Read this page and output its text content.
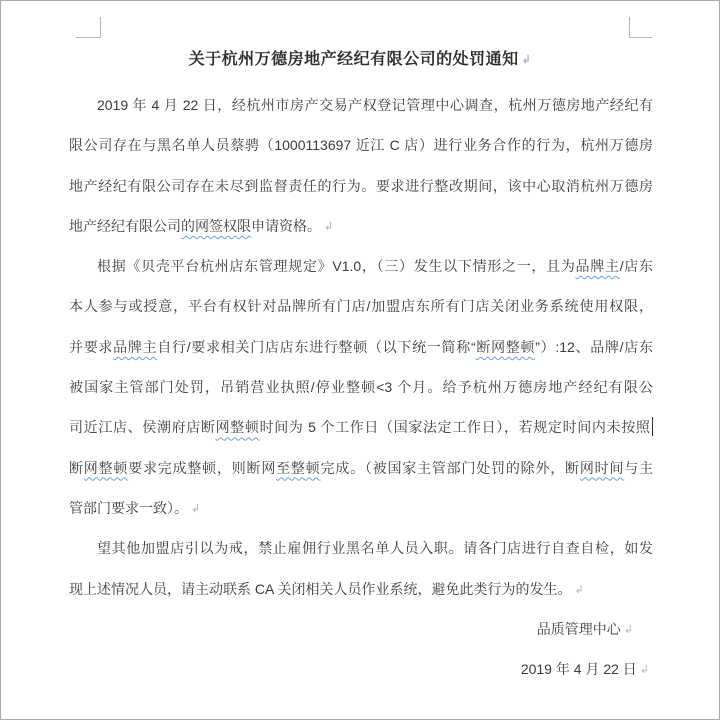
关于杭州万德房地产经纪有限公司的处罚通知 ↲
2019 年 4 月 22 日，经杭州市房产交易产权登记管理中心调查，杭州万德房地产经纪有
限公司存在与黑名单人员蔡骋（1000113697 近江 C 店）进行业务合作的行为，杭州万德房
地产经纪有限公司存在未尽到监督责任的行为。要求进行整改期间，该中心取消杭州万德房
地产经纪有限公司的网签权限申请资格。 ↲
根据《贝壳平台杭州店东管理规定》V1.0，（三）发生以下情形之一，且为品牌主/店东
本人参与或授意，平台有权针对品牌所有门店/加盟店东所有门店关闭业务系统使用权限，
并要求品牌主自行/要求相关门店店东进行整顿（以下统一简称“断网整顿”）:12、品牌/店东
被国家主管部门处罚，吊销营业执照/停业整顿<3 个月。给予杭州万德房地产经纪有限公
司近江店、侯潮府店断网整顿时间为 5 个工作日（国家法定工作日），若规定时间内未按照
断网整顿要求完成整顿，则断网至整顿完成。（被国家主管部门处罚的除外，断网时间与主
管部门要求一致）。 ↲
望其他加盟店引以为戒，禁止雇佣行业黑名单人员入职。请各门店进行自查自检，如发
现上述情况人员，请主动联系 CA 关闭相关人员作业系统，避免此类行为的发生。 ↲
品质管理中心 ↲
2019 年 4 月 22 日 ↲
